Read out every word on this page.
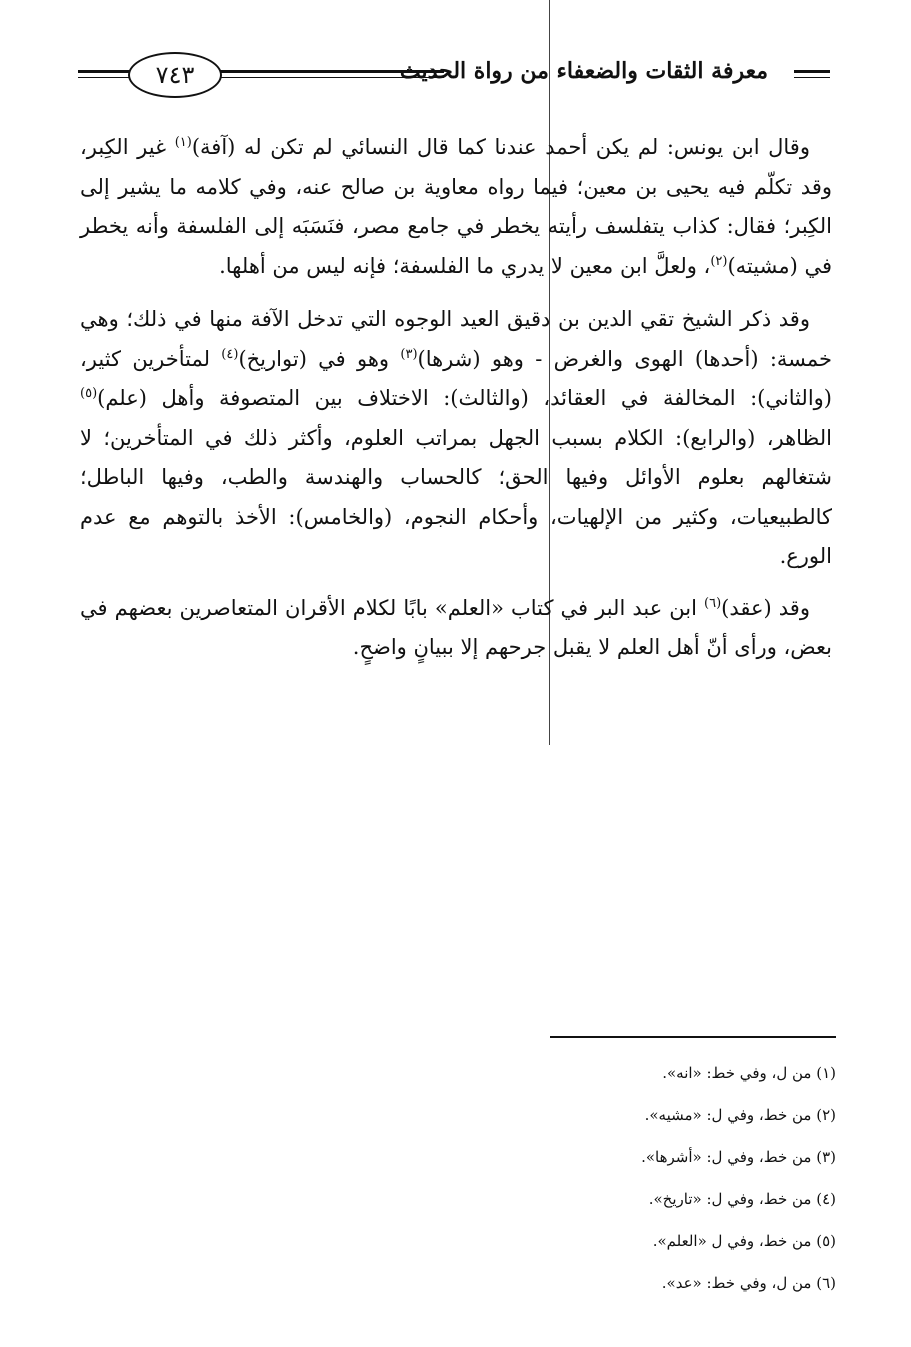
٧٤٣	معرفة الثقات والضعفاء من رواة الحديث

وقال ابن يونس: لم يكن أحمد عندنا كما قال النسائي لم تكن له (آفة)$^{(١)}$ غير الكِبر، وقد تكلّم فيه يحيى بن معين؛ فيما رواه معاوية بن صالح عنه، وفي كلامه ما يشير إلى الكِبر؛ فقال: كذاب يتفلسف رأيته يخطر في جامع مصر، فنَسَبَه إلى الفلسفة وأنه يخطر في (مشيته)$^{(٢)}$، ولعلَّ ابن معين لا يدري ما الفلسفة؛ فإنه ليس من أهلها.

وقد ذكر الشيخ تقي الدين بن دقيق العيد الوجوه التي تدخل الآفة منها في ذلك؛ وهي خمسة: (أحدها) الهوى والغرض - وهو (شرها)$^{(٣)}$ وهو في (تواريخ)$^{(٤)}$ لمتأخرين كثير، (والثاني): المخالفة في العقائد، (والثالث): الاختلاف بين المتصوفة وأهل (علم)$^{(٥)}$ الظاهر، (والرابع): الكلام بسبب الجهل بمراتب العلوم، وأكثر ذلك في المتأخرين؛ لا شتغالهم بعلوم الأوائل وفيها الحق؛ كالحساب والهندسة والطب، وفيها الباطل؛ كالطبيعيات، وكثير من الإلهيات، وأحكام النجوم، (والخامس): الأخذ بالتوهم مع عدم الورع.

وقد (عقد)$^{(٦)}$ ابن عبد البر في كتاب «العلم» بابًا لكلام الأقران المتعاصرين بعضهم في بعض، ورأى أنّ أهل العلم لا يقبل جرحهم إلا ببيانٍ واضحٍ.

(١) من ل، وفي خط: «انه».
(٢) من خط، وفي ل: «مشيه».
(٣) من خط، وفي ل: «أشرها».
(٤) من خط، وفي ل: «تاريخ».
(٥) من خط، وفي ل «العلم».
(٦) من ل، وفي خط: «عد».
